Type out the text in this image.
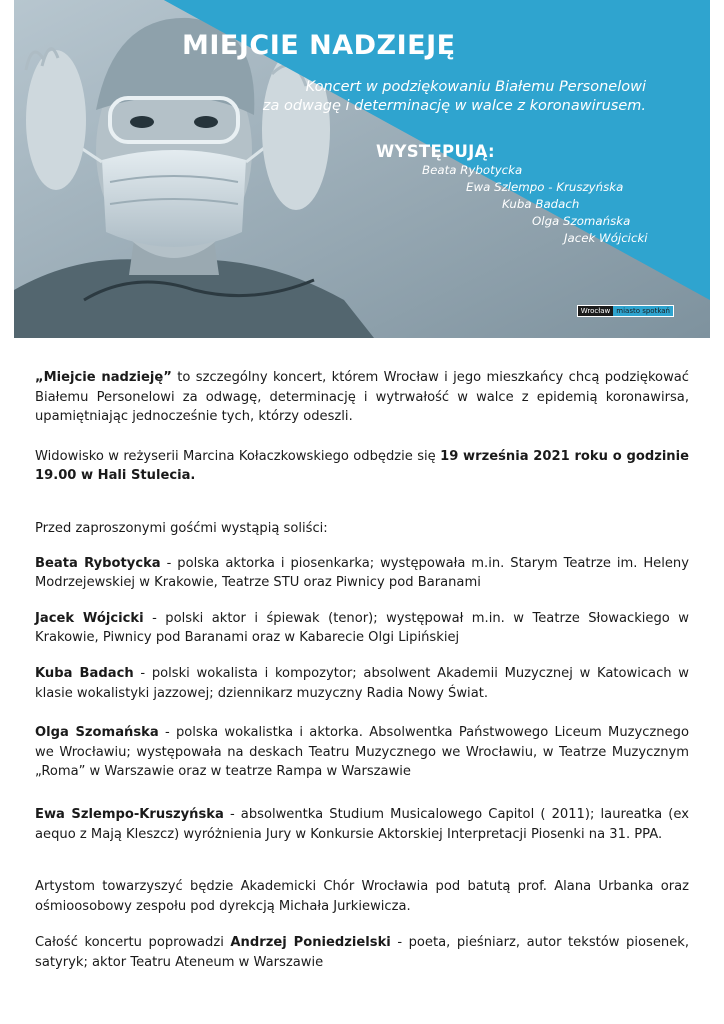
MIEJCIE NADZIEJĘ
Koncert w podziękowaniu Białemu Personelowi
za odwagę i determinację w walce z koronawirusem.
WYSTĘPUJĄ:
Beata Rybotycka
Ewa Szlempo - Kruszyńska
Kuba Badach
Olga Szomańska
Jacek Wójcicki
Wrocław miasto spotkań

„Miejcie nadzieję” to szczególny koncert, którem Wrocław i jego mieszkańcy chcą podziękować Białemu Personelowi za odwagę, determinację i wytrwałość w walce z epidemią koronawirsa, upamiętniając jednocześnie tych, którzy odeszli.

Widowisko w reżyserii Marcina Kołaczkowskiego odbędzie się 19 września 2021 roku o godzinie 19.00 w Hali Stulecia.

Przed zaproszonymi gośćmi wystąpią soliści:

Beata Rybotycka - polska aktorka i piosenkarka; występowała m.in. Starym Teatrze im. Heleny Modrzejewskiej w Krakowie, Teatrze STU oraz Piwnicy pod Baranami

Jacek Wójcicki - polski aktor i śpiewak (tenor); występował m.in. w Teatrze Słowackiego w Krakowie, Piwnicy pod Baranami oraz w Kabarecie Olgi Lipińskiej

Kuba Badach - polski wokalista i kompozytor; absolwent Akademii Muzycznej w Katowicach w klasie wokalistyki jazzowej; dziennikarz muzyczny Radia Nowy Świat.

Olga Szomańska - polska wokalistka i aktorka. Absolwentka Państwowego Liceum Muzycznego we Wrocławiu; występowała na deskach Teatru Muzycznego we Wrocławiu, w Teatrze Muzycznym „Roma” w Warszawie oraz w teatrze Rampa w Warszawie

Ewa Szlempo-Kruszyńska - absolwentka Studium Musicalowego Capitol ( 2011); laureatka (ex aequo z Mają Kleszcz) wyróżnienia Jury w Konkursie Aktorskiej Interpretacji Piosenki na 31. PPA.

Artystom towarzyszyć będzie Akademicki Chór Wrocławia pod batutą prof. Alana Urbanka oraz ośmioosobowy zespołu pod dyrekcją Michała Jurkiewicza.

Całość koncertu poprowadzi Andrzej Poniedzielski - poeta, pieśniarz, autor tekstów piosenek, satyryk; aktor Teatru Ateneum w Warszawie
